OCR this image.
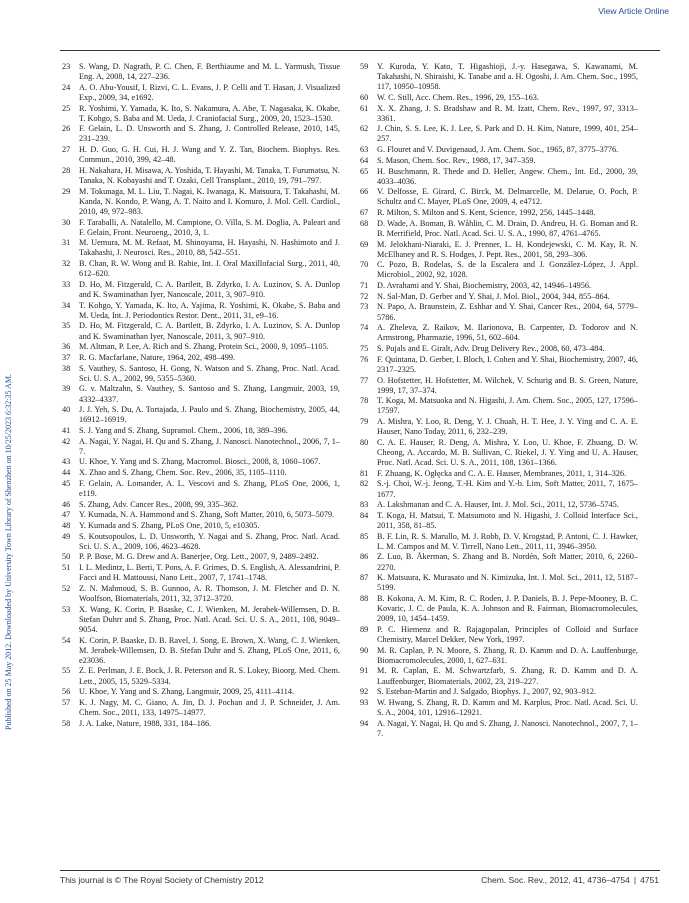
View Article Online
Published on 25 May 2012. Downloaded by University Town Library of Shenzhen on 10/25/2023 6:32:35 AM.
23	S. Wang, D. Nagrath, P. C. Chen, F. Berthiaume and M. L. Yarmush, Tissue Eng. A, 2008, 14, 227–236.
24	A. O. Abu-Yousif, I. Rizvi, C. L. Evans, J. P. Celli and T. Hasan, J. Visualized Exp., 2009, 34, e1692.
25	R. Yoshimi, Y. Yamada, K. Ito, S. Nakamura, A. Abe, T. Nagasaka, K. Okabe, T. Kohgo, S. Baba and M. Ueda, J. Craniofacial Surg., 2009, 20, 1523–1530.
26	F. Gelain, L. D. Unsworth and S. Zhang, J. Controlled Release, 2010, 145, 231–239.
27	H. D. Guo, G. H. Cui, H. J. Wang and Y. Z. Tan, Biochem. Biophys. Res. Commun., 2010, 399, 42–48.
28	H. Nakahara, H. Misawa, A. Yoshida, T. Hayashi, M. Tanaka, T. Furumatsu, N. Tanaka, N. Kobayashi and T. Ozaki, Cell Transplant., 2010, 19, 791–797.
29	M. Tokunaga, M. L. Liu, T. Nagai, K. Iwanaga, K. Matsuura, T. Takahashi, M. Kanda, N. Kondo, P. Wang, A. T. Naito and I. Komuro, J. Mol. Cell. Cardiol., 2010, 49, 972–983.
30	F. Taraballi, A. Natalello, M. Campione, O. Villa, S. M. Doglia, A. Paleari and F. Gelain, Front. Neuroeng., 2010, 3, 1.
31	M. Uemura, M. M. Refaat, M. Shinoyama, H. Hayashi, N. Hashimoto and J. Takahashi, J. Neurosci. Res., 2010, 88, 542–551.
32	B. Chan, R. W. Wong and B. Rabie, Int. J. Oral Maxillofacial Surg., 2011, 40, 612–620.
33	D. Ho, M. Fitzgerald, C. A. Bartlett, B. Zdyrko, I. A. Luzinov, S. A. Dunlop and K. Swaminathan Iyer, Nanoscale, 2011, 3, 907–910.
34	T. Kohgo, Y. Yamada, K. Ito, A. Yajima, R. Yoshimi, K. Okabe, S. Baba and M. Ueda, Int. J. Periodontics Restor. Dent., 2011, 31, e9–16.
35	D. Ho, M. Fitzgerald, C. A. Bartlett, B. Zdyrko, I. A. Luzinov, S. A. Dunlop and K. Swaminathan Iyer, Nanoscale, 2011, 3, 907–910.
36	M. Altman, P. Lee, A. Rich and S. Zhang, Protein Sci., 2000, 9, 1095–1105.
37	R. G. Macfarlane, Nature, 1964, 202, 498–499.
38	S. Vauthey, S. Santoso, H. Gong, N. Watson and S. Zhang, Proc. Natl. Acad. Sci. U. S. A., 2002, 99, 5355–5360.
39	G. v. Maltzahn, S. Vauthey, S. Santoso and S. Zhang, Langmuir, 2003, 19, 4332–4337.
40	J. J. Yeh, S. Du, A. Tortajada, J. Paulo and S. Zhang, Biochemistry, 2005, 44, 16912–16919.
41	S. J. Yang and S. Zhang, Supramol. Chem., 2006, 18, 389–396.
42	A. Nagai, Y. Nagai, H. Qu and S. Zhang, J. Nanosci. Nanotechnol., 2006, 7, 1–7.
43	U. Khoe, Y. Yang and S. Zhang, Macromol. Biosci., 2008, 8, 1060–1067.
44	X. Zhao and S. Zhang, Chem. Soc. Rev., 2006, 35, 1105–1110.
45	F. Gelain, A. Lomander, A. L. Vescovi and S. Zhang, PLoS One, 2006, 1, e119.
46	S. Zhang, Adv. Cancer Res., 2008, 99, 335–362.
47	Y. Kumada, N. A. Hammond and S. Zhang, Soft Matter, 2010, 6, 5073–5079.
48	Y. Kumada and S. Zhang, PLoS One, 2010, 5, e10305.
49	S. Koutsopoulos, L. D. Unsworth, Y. Nagai and S. Zhang, Proc. Natl. Acad. Sci. U. S. A., 2009, 106, 4623–4628.
50	P. P. Bose, M. G. Drew and A. Banerjee, Org. Lett., 2007, 9, 2489–2492.
51	I. L. Medintz, L. Berti, T. Pons, A. F. Grimes, D. S. English, A. Alessandrini, P. Facci and H. Mattoussi, Nano Lett., 2007, 7, 1741–1748.
52	Z. N. Mahmoud, S. B. Gunnoo, A. R. Thomson, J. M. Fletcher and D. N. Woolfson, Biomaterials, 2011, 32, 3712–3720.
53	X. Wang, K. Corin, P. Baaske, C. J. Wienken, M. Jerabek-Willemsen, D. B. Stefan Duhrr and S. Zhang, Proc. Natl. Acad. Sci. U. S. A., 2011, 108, 9049–9054.
54	K. Corin, P. Baaske, D. B. Ravel, J. Song, E. Brown, X. Wang, C. J. Wienken, M. Jerabek-Willemsen, D. B. Stefan Duhr and S. Zhang, PLoS One, 2011, 6, e23036.
55	Z. E. Perlman, J. E. Bock, J. R. Peterson and R. S. Lokey, Bioorg. Med. Chem. Lett., 2005, 15, 5329–5334.
56	U. Khoe, Y. Yang and S. Zhang, Langmuir, 2009, 25, 4111–4114.
57	K. J. Nagy, M. C. Giano, A. Jin, D. J. Pochan and J. P. Schneider, J. Am. Chem. Soc., 2011, 133, 14975–14977.
58	J. A. Lake, Nature, 1988, 331, 184–186.
59	Y. Kuroda, Y. Kato, T. Higashioji, J.-y. Hasegawa, S. Kawanami, M. Takahashi, N. Shiraishi, K. Tanabe and a. H. Ogoshi, J. Am. Chem. Soc., 1995, 117, 10950–10958.
60	W. C. Still, Acc. Chem. Res., 1996, 29, 155–163.
61	X. X. Zhang, J. S. Bradshaw and R. M. Izatt, Chem. Rev., 1997, 97, 3313–3361.
62	J. Chin, S. S. Lee, K. J. Lee, S. Park and D. H. Kim, Nature, 1999, 401, 254–257.
63	G. Flouret and V. Duvigenaud, J. Am. Chem. Soc., 1965, 87, 3775–3776.
64	S. Mason, Chem. Soc. Rev., 1988, 17, 347–359.
65	H. Buschmann, R. Thede and D. Heller, Angew. Chem., Int. Ed., 2000, 39, 4033–4036.
66	V. Delfosse, E. Girard, C. Birck, M. Delmarcelle, M. Delarue, O. Poch, P. Schultz and C. Mayer, PLoS One, 2009, 4, e4712.
67	R. Milton, S. Milton and S. Kent, Science, 1992, 256, 1445–1448.
68	D. Wade, A. Boman, B. Wåhlin, C. M. Drain, D. Andreu, H. G. Boman and R. B. Merrifield, Proc. Natl. Acad. Sci. U. S. A., 1990, 87, 4761–4765.
69	M. Jelokhani-Niaraki, E. J. Prenner, L. H. Kondejewski, C. M. Kay, R. N. McElhaney and R. S. Hodges, J. Pept. Res., 2001, 58, 293–306.
70	C. Pozo, B. Rodelas, S. de la Escalera and J. González-López, J. Appl. Microbiol., 2002, 92, 1028.
71	D. Avrahami and Y. Shai, Biochemistry, 2003, 42, 14946–14956.
72	N. Sal-Man, D. Gerber and Y. Shai, J. Mol. Biol., 2004, 344, 855–864.
73	N. Papo, A. Braunstein, Z. Eshhar and Y. Shai, Cancer Res., 2004, 64, 5779–5786.
74	A. Zheleva, Z. Raikov, M. Ilarionova, B. Carpenter, D. Todorov and N. Armstrong, Pharmazie, 1996, 51, 602–604.
75	S. Pujals and E. Giralt, Adv. Drug Delivery Rev., 2008, 60, 473–484.
76	F. Quintana, D. Gerber, I. Bloch, I. Cohen and Y. Shai, Biochemistry, 2007, 46, 2317–2325.
77	O. Hofstetter, H. Hofstetter, M. Wilchek, V. Schurig and B. S. Green, Nature, 1999, 17, 37–374.
78	T. Koga, M. Matsuoka and N. Higashi, J. Am. Chem. Soc., 2005, 127, 17596–17597.
79	A. Mishra, Y. Loo, R. Deng, Y. J. Chuah, H. T. Hee, J. Y. Ying and C. A. E. Hauser, Nano Today, 2011, 6, 232–239.
80	C. A. E. Hauser, R. Deng, A. Mishra, Y. Loo, U. Khoe, F. Zhuang, D. W. Cheong, A. Accardo, M. B. Sullivan, C. Riekel, J. Y. Ying and U. A. Hauser, Proc. Natl. Acad. Sci. U. S. A., 2011, 108, 1361–1366.
81	F. Zhuang, K. Ogłęcka and C. A. E. Hauser, Membranes, 2011, 1, 314–326.
82	S.-j. Choi, W.-j. Jeong, T.-H. Kim and Y.-b. Lim, Soft Matter, 2011, 7, 1675–1677.
83	A. Lakshmanan and C. A. Hauser, Int. J. Mol. Sci., 2011, 12, 5736–5745.
84	T. Koga, H. Matsui, T. Matsumoto and N. Higashi, J. Colloid Interface Sci., 2011, 358, 81–85.
85	B. F. Lin, R. S. Marullo, M. J. Robb, D. V. Krogstad, P. Antoni, C. J. Hawker, L. M. Campos and M. V. Tirrell, Nano Lett., 2011, 11, 3946–3950.
86	Z. Luo, B. Åkerman, S. Zhang and B. Nordén, Soft Matter, 2010, 6, 2260–2270.
87	K. Matsuura, K. Murasato and N. Kimizuka, Int. J. Mol. Sci., 2011, 12, 5187–5199.
88	B. Kokona, A. M. Kim, R. C. Roden, J. P. Daniels, B. J. Pepe-Mooney, B. C. Kovaric, J. C. de Paula, K. A. Johnson and R. Fairman, Biomacromolecules, 2009, 10, 1454–1459.
89	P. C. Hiemenz and R. Rajagopalan, Principles of Colloid and Surface Chemistry, Marcel Dekker, New York, 1997.
90	M. R. Caplan, P. N. Moore, S. Zhang, R. D. Kamm and D. A. Lauffenburge, Biomacromolecules, 2000, 1, 627–631.
91	M. R. Caplan, E. M. Schwartzfarb, S. Zhang, R. D. Kamm and D. A. Lauffenburger, Biomaterials, 2002, 23, 219–227.
92	S. Esteban-Martin and J. Salgado, Biophys. J., 2007, 92, 903–912.
93	W. Hwang, S. Zhang, R. D. Kamm and M. Karplus, Proc. Natl. Acad. Sci. U. S. A., 2004, 101, 12916–12921.
94	A. Nagai, Y. Nagai, H. Qu and S. Zhang, J. Nanosci. Nanotechnol., 2007, 7, 1–7.
This journal is © The Royal Society of Chemistry 2012	Chem. Soc. Rev., 2012, 41, 4736–4754 | 4751
